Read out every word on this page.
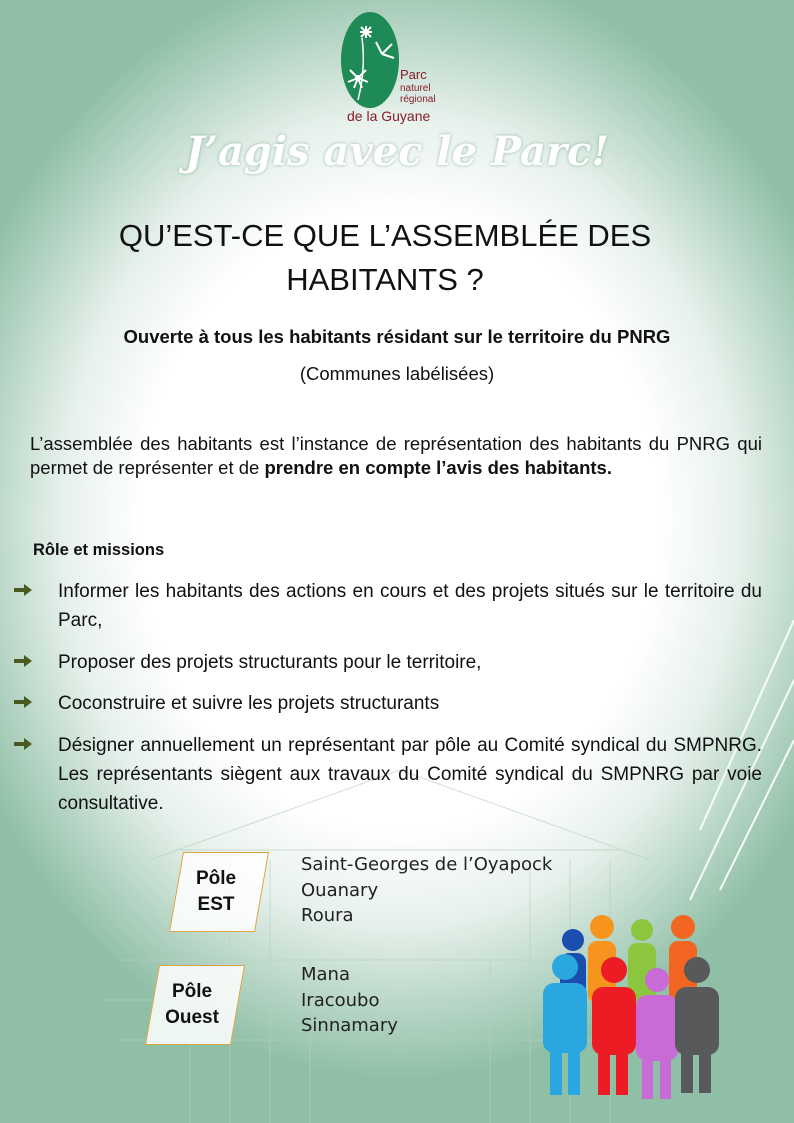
Parc
naturel
régional
de la Guyane
J’agis avec le Parc!
QU’EST-CE QUE L’ASSEMBLÉE DES
HABITANTS ?
Ouverte à tous les habitants résidant sur le territoire du PNRG
(Communes labélisées)
L’assemblée des habitants est l’instance de représentation des habitants du PNRG qui permet de représenter et de prendre en compte l’avis des habitants.
Rôle et missions
Informer les habitants des actions en cours et des projets situés sur le territoire du Parc,
Proposer des projets structurants pour le territoire,
Coconstruire et suivre les projets structurants
Désigner annuellement un représentant par pôle au Comité syndical du SMPNRG. Les représentants siègent aux travaux du Comité syndical du SMPNRG par voie consultative.
Pôle
EST
Saint-Georges de l’Oyapock
Ouanary
Roura
Pôle
Ouest
Mana
Iracoubo
Sinnamary
